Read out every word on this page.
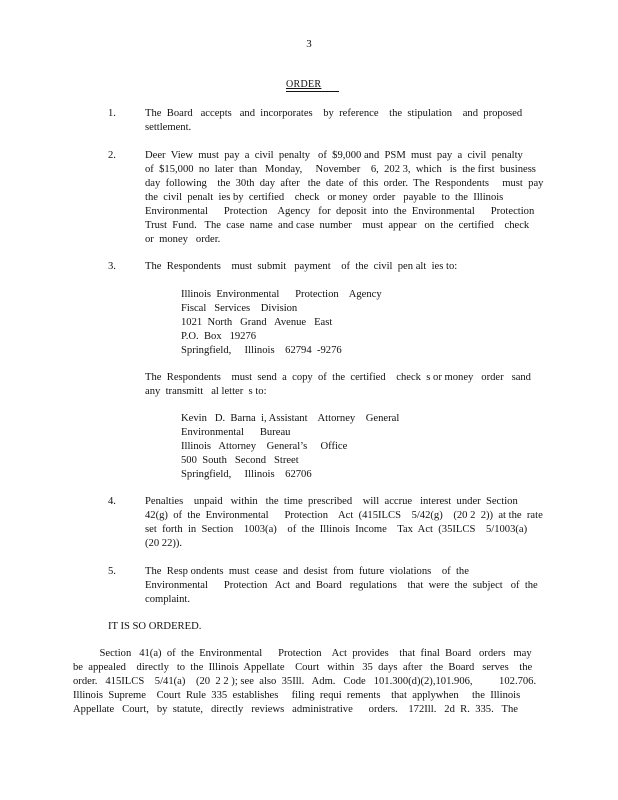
3
ORDER
1.	The  Board   accepts   and  incorporates    by  reference    the  stipulation    and  proposed
settlement.
2.	Deer  View  must  pay  a  civil  penalty   of  $9,000 and  PSM  must  pay  a  civil  penalty
of  $15,000  no  later  than   Monday,     November    6,  202 3,  which   is  the first  business
day  following    the  30th  day  after   the  date  of  this  order.  The  Respondents     must  pay
the  civil  penalt  ies by  certified    check   or money  order   payable  to  the  Illinois
Environmental      Protection    Agency   for  deposit  into  the  Environmental      Protection
Trust  Fund.   The  case  name  and case  number    must  appear   on  the  certified    check
or  money   order.
3.	The  Respondents    must  submit   payment    of  the  civil  pen alt  ies to:
Illinois  Environmental      Protection    Agency
Fiscal   Services    Division
1021  North   Grand   Avenue   East
P.O.  Box   19276
Springfield,     Illinois    62794  -9276
The  Respondents    must  send  a  copy  of  the  certified    check  s or money   order   sand
any  transmitt   al letter  s to:
Kevin   D.  Barna  i, Assistant    Attorney    General
Environmental      Bureau
Illinois   Attorney    General’s     Office
500  South   Second   Street
Springfield,     Illinois    62706
4.	Penalties    unpaid   within   the  time  prescribed    will  accrue   interest  under  Section
42(g)  of  the  Environmental      Protection    Act  (415ILCS    5/42(g)    (20 2  2))  at the  rate
set  forth  in  Section    1003(a)    of  the  Illinois  Income    Tax  Act  (35ILCS    5/1003(a)
(20 22)).
5.	The  Resp ondents  must  cease  and  desist  from  future  violations    of  the
Environmental      Protection   Act  and  Board   regulations    that  were  the  subject   of  the
complaint.
IT IS SO ORDERED.
Section   41(a)  of  the  Environmental      Protection    Act  provides    that  final  Board   orders   may
be  appealed    directly   to  the  Illinois  Appellate    Court   within   35  days  after   the  Board   serves    the
order.   415ILCS    5/41(a)    (20  2 2 ); see  also  35Ill.   Adm.   Code   101.300(d)(2),101.906,          102.706.
Illinois  Supreme    Court  Rule  335  establishes     filing  requi  rements    that  applywhen     the  Illinois
Appellate   Court,   by  statute,   directly   reviews   administrative      orders.    172Ill.   2d  R.  335.   The
